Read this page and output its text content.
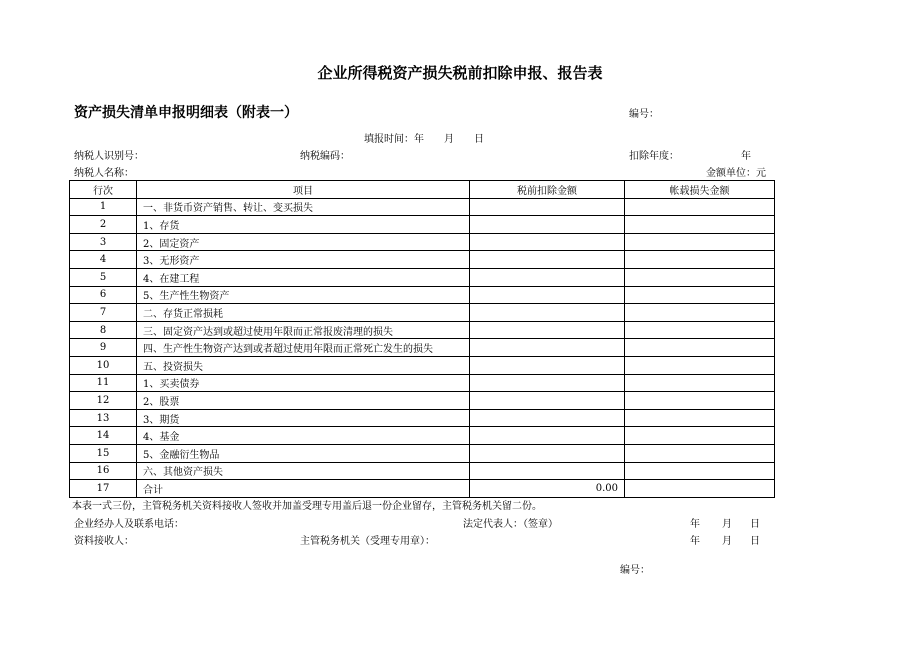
企业所得税资产损失税前扣除申报、报告表
资产损失清单申报明细表（附表一）	编号：
填报时间：年　　月　　日
纳税人识别号：	纳税编码：	扣除年度：	年
纳税人名称：	金额单位：元
行次	项目	税前扣除金额	帐载损失金额
1	一、非货币资产销售、转让、变买损失		
2	1、存货		
3	2、固定资产		
4	3、无形资产		
5	4、在建工程		
6	5、生产性生物资产		
7	二、存货正常损耗		
8	三、固定资产达到或超过使用年限而正常报废清理的损失		
9	四、生产性生物资产达到或者超过使用年限而正常死亡发生的损失		
10	五、投资损失		
11	1、买卖债券		
12	2、股票		
13	3、期货		
14	4、基金		
15	5、金融衍生物品		
16	六、其他资产损失		
17	合计	0.00	
本表一式三份，主管税务机关资料接收人签收并加盖受理专用盖后退一份企业留存，主管税务机关留二份。
企业经办人及联系电话：	法定代表人：（签章）	年 月 日
资料接收人：	主管税务机关（受理专用章）：	年 月 日
编号：
